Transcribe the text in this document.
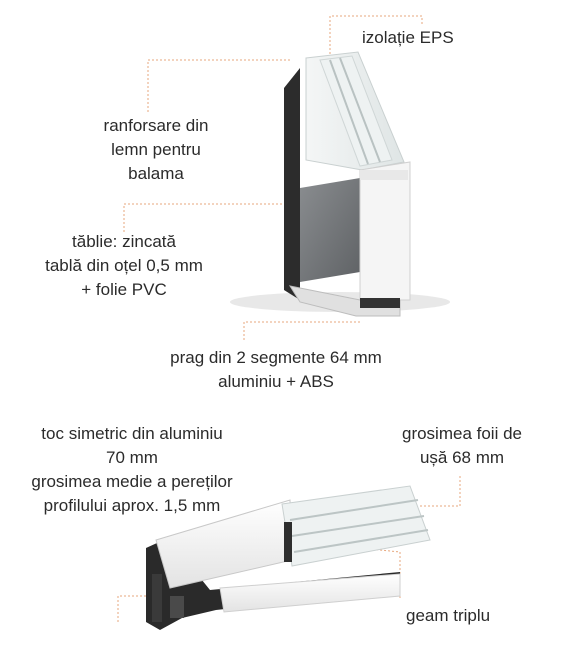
izolație EPS
ranforsare din
lemn pentru
balama
tăblie: zincată
tablă din oțel 0,5 mm
+ folie PVC
prag din 2 segmente 64 mm
aluminiu + ABS
toc simetric din aluminiu
70 mm
grosimea medie a pereților
profilului aprox. 1,5 mm
grosimea foii de
ușă 68 mm
geam triplu
